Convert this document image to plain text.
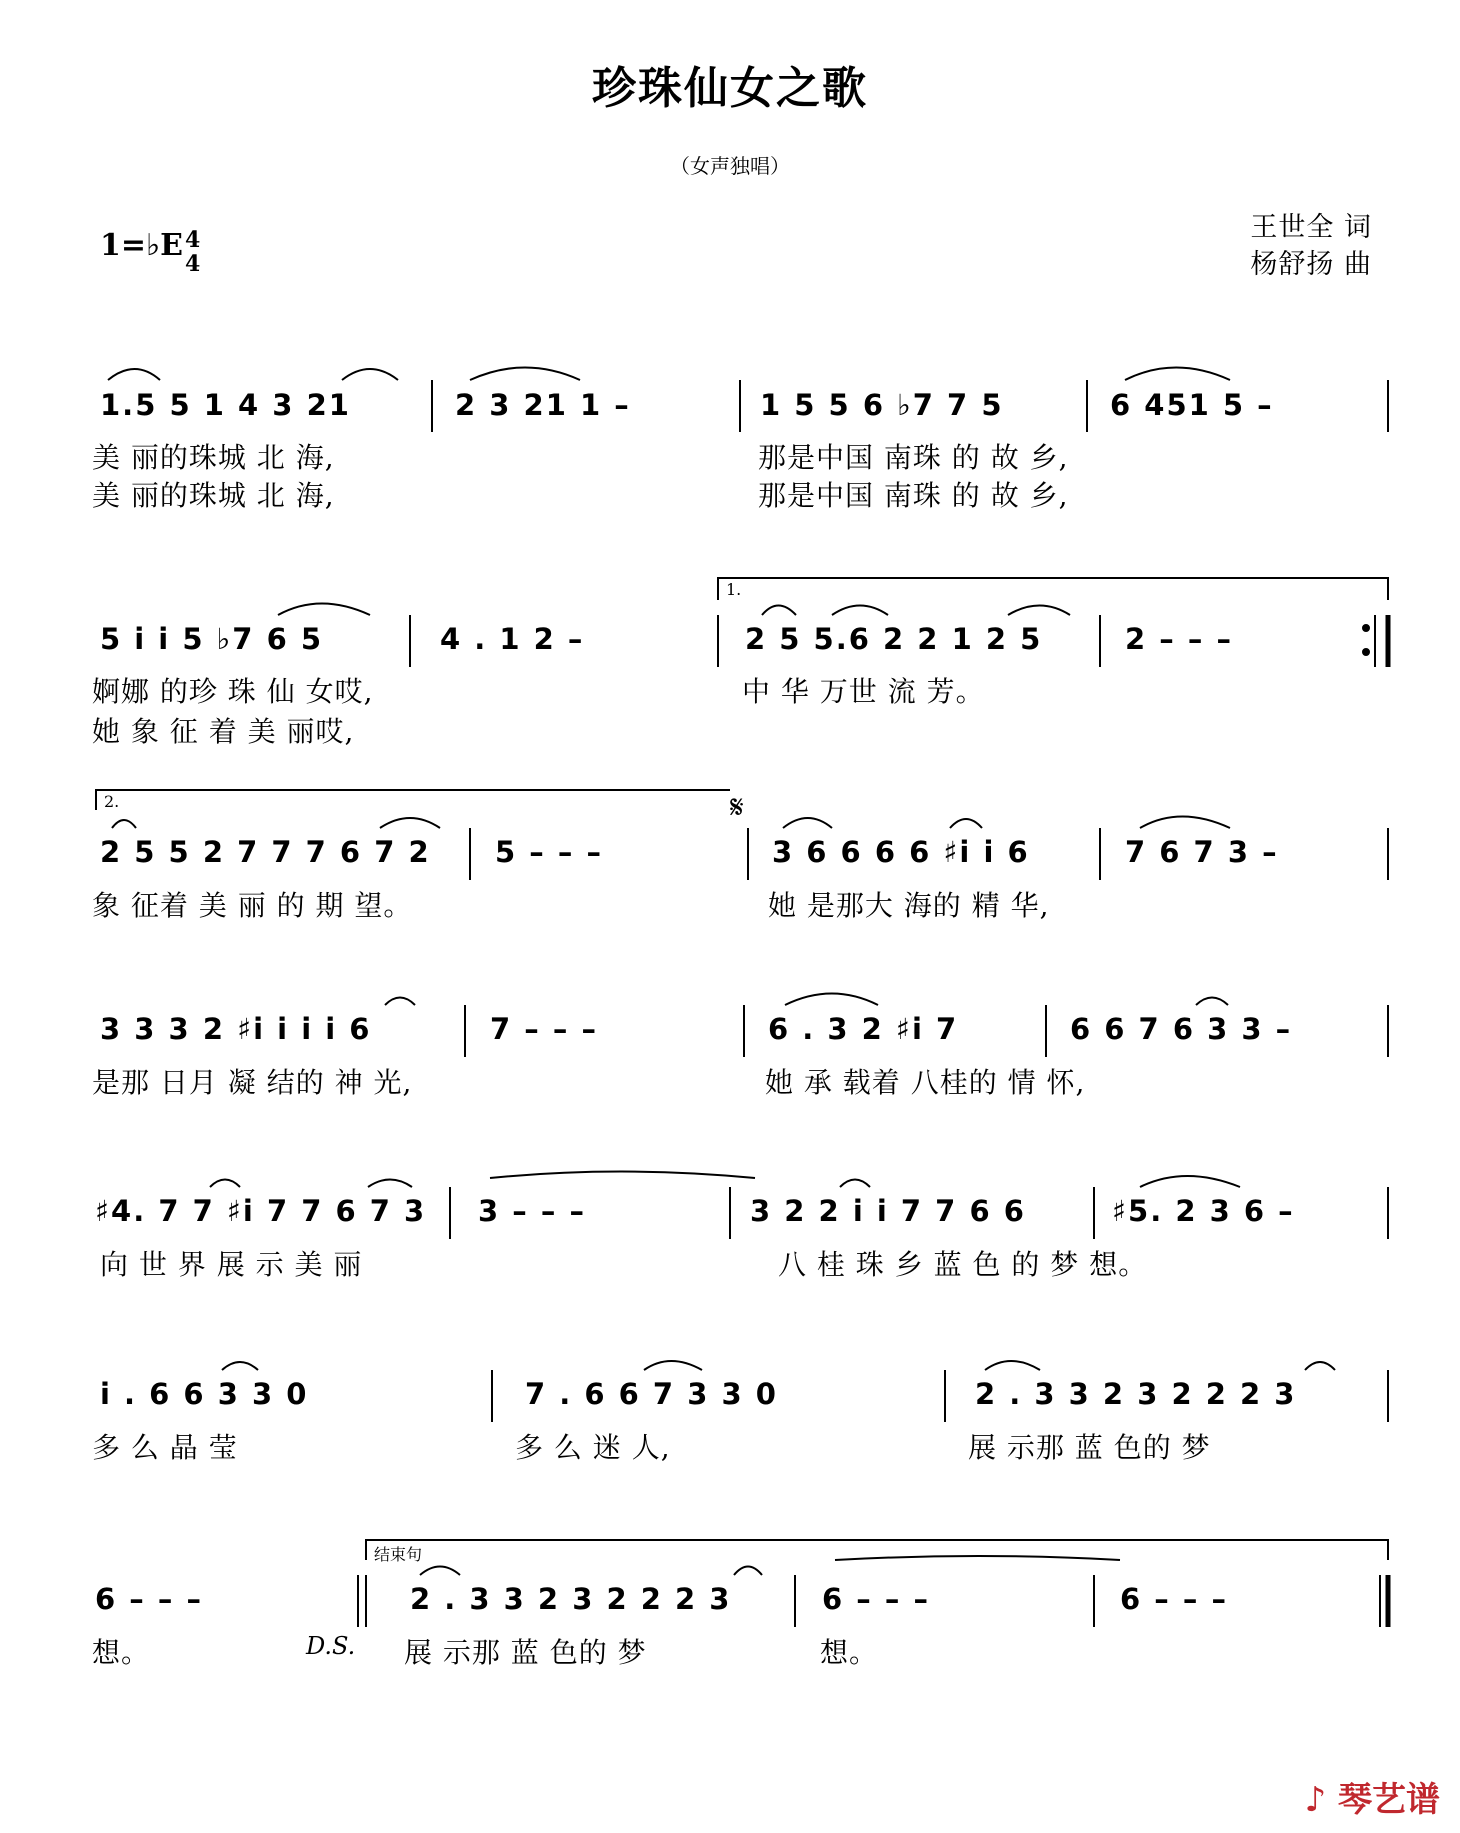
珍珠仙女之歌
（女声独唱）
王世全 词
杨舒扬 曲
1=♭E 4
4
1.5 5 1 4 3 21	2 3 21 1 –	1 5 5 6 ♭7 7 5	6 451 5 –
美 丽的珠城 北 海,	那是中国 南珠 的 故 乡,
美 丽的珠城 北 海,	那是中国 南珠 的 故 乡,
1.
5 i i 5 ♭7 6 5	4 . 1 2 –	2 5 5.6 2 2 1 2 5	2 – – –
婀娜 的珍 珠 仙 女哎,	中 华 万世 流 芳。
她 象 征 着 美 丽哎,
2.	𝄋
2 5 5 2 7 7 7 6 7 2 5 – – –	3 6 6 6 6 ♯i i 6	7 6 7 3 –
象 征着 美 丽 的 期 望。	她 是那大 海的 精 华,
3 3 3 2 ♯i i i i 6	7 – – –	6 . 3 2 ♯i 7	6 6 7 6 3 3 –
是那 日月 凝 结的 神 光,	她 承 载着 八桂的 情 怀,
♯4. 7 7 ♯i 7 7 6 7 3 3 – – –	3 2 2 i i 7 7 6 6	♯5. 2 3 6 –
向 世 界 展 示 美 丽	八 桂 珠 乡 蓝 色 的 梦 想。
i . 6 6 3 3 0	7 . 6 6 7 3 3 0	2 . 3 3 2 3 2 2 2 3
多 么 晶 莹	多 么 迷 人,	展 示那 蓝 色的 梦
结束句
6 – – –	2 . 3 3 2 3 2 2 2 3	6 – – –	6 – – –
想。	D.S. 展 示那 蓝 色的 梦	想。
♪ 琴艺谱
